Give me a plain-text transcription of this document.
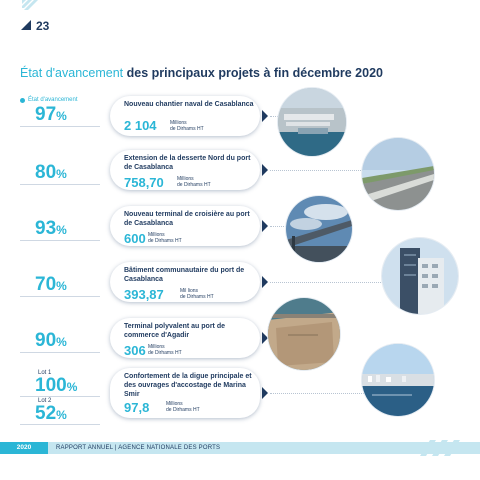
23
État d'avancement des principaux projets à fin décembre 2020
État d'avancement
97%
Nouveau chantier naval de Casablanca
2 104	Millions
de Dirhams HT
80%
Extension de la desserte Nord du port de Casablanca
758,70	Millions
de Dirhams HT
93%
Nouveau terminal de croisière au port de Casablanca
600 Millions
de Dirhams HT
70%
Bâtiment communautaire du port de Casablanca
393,87	Mil lions
de Dirhams HT
90%
Terminal polyvalent au port de commerce d'Agadir
306 Millions
de Dirhams HT
Lot 1
100%
Lot 2
52%
Confortement de la digue principale et des ouvrages d'accostage de Marina Smir
97,8	Millions
de Dirhams HT
2020	RAPPORT ANNUEL | AGENCE NATIONALE DES PORTS
